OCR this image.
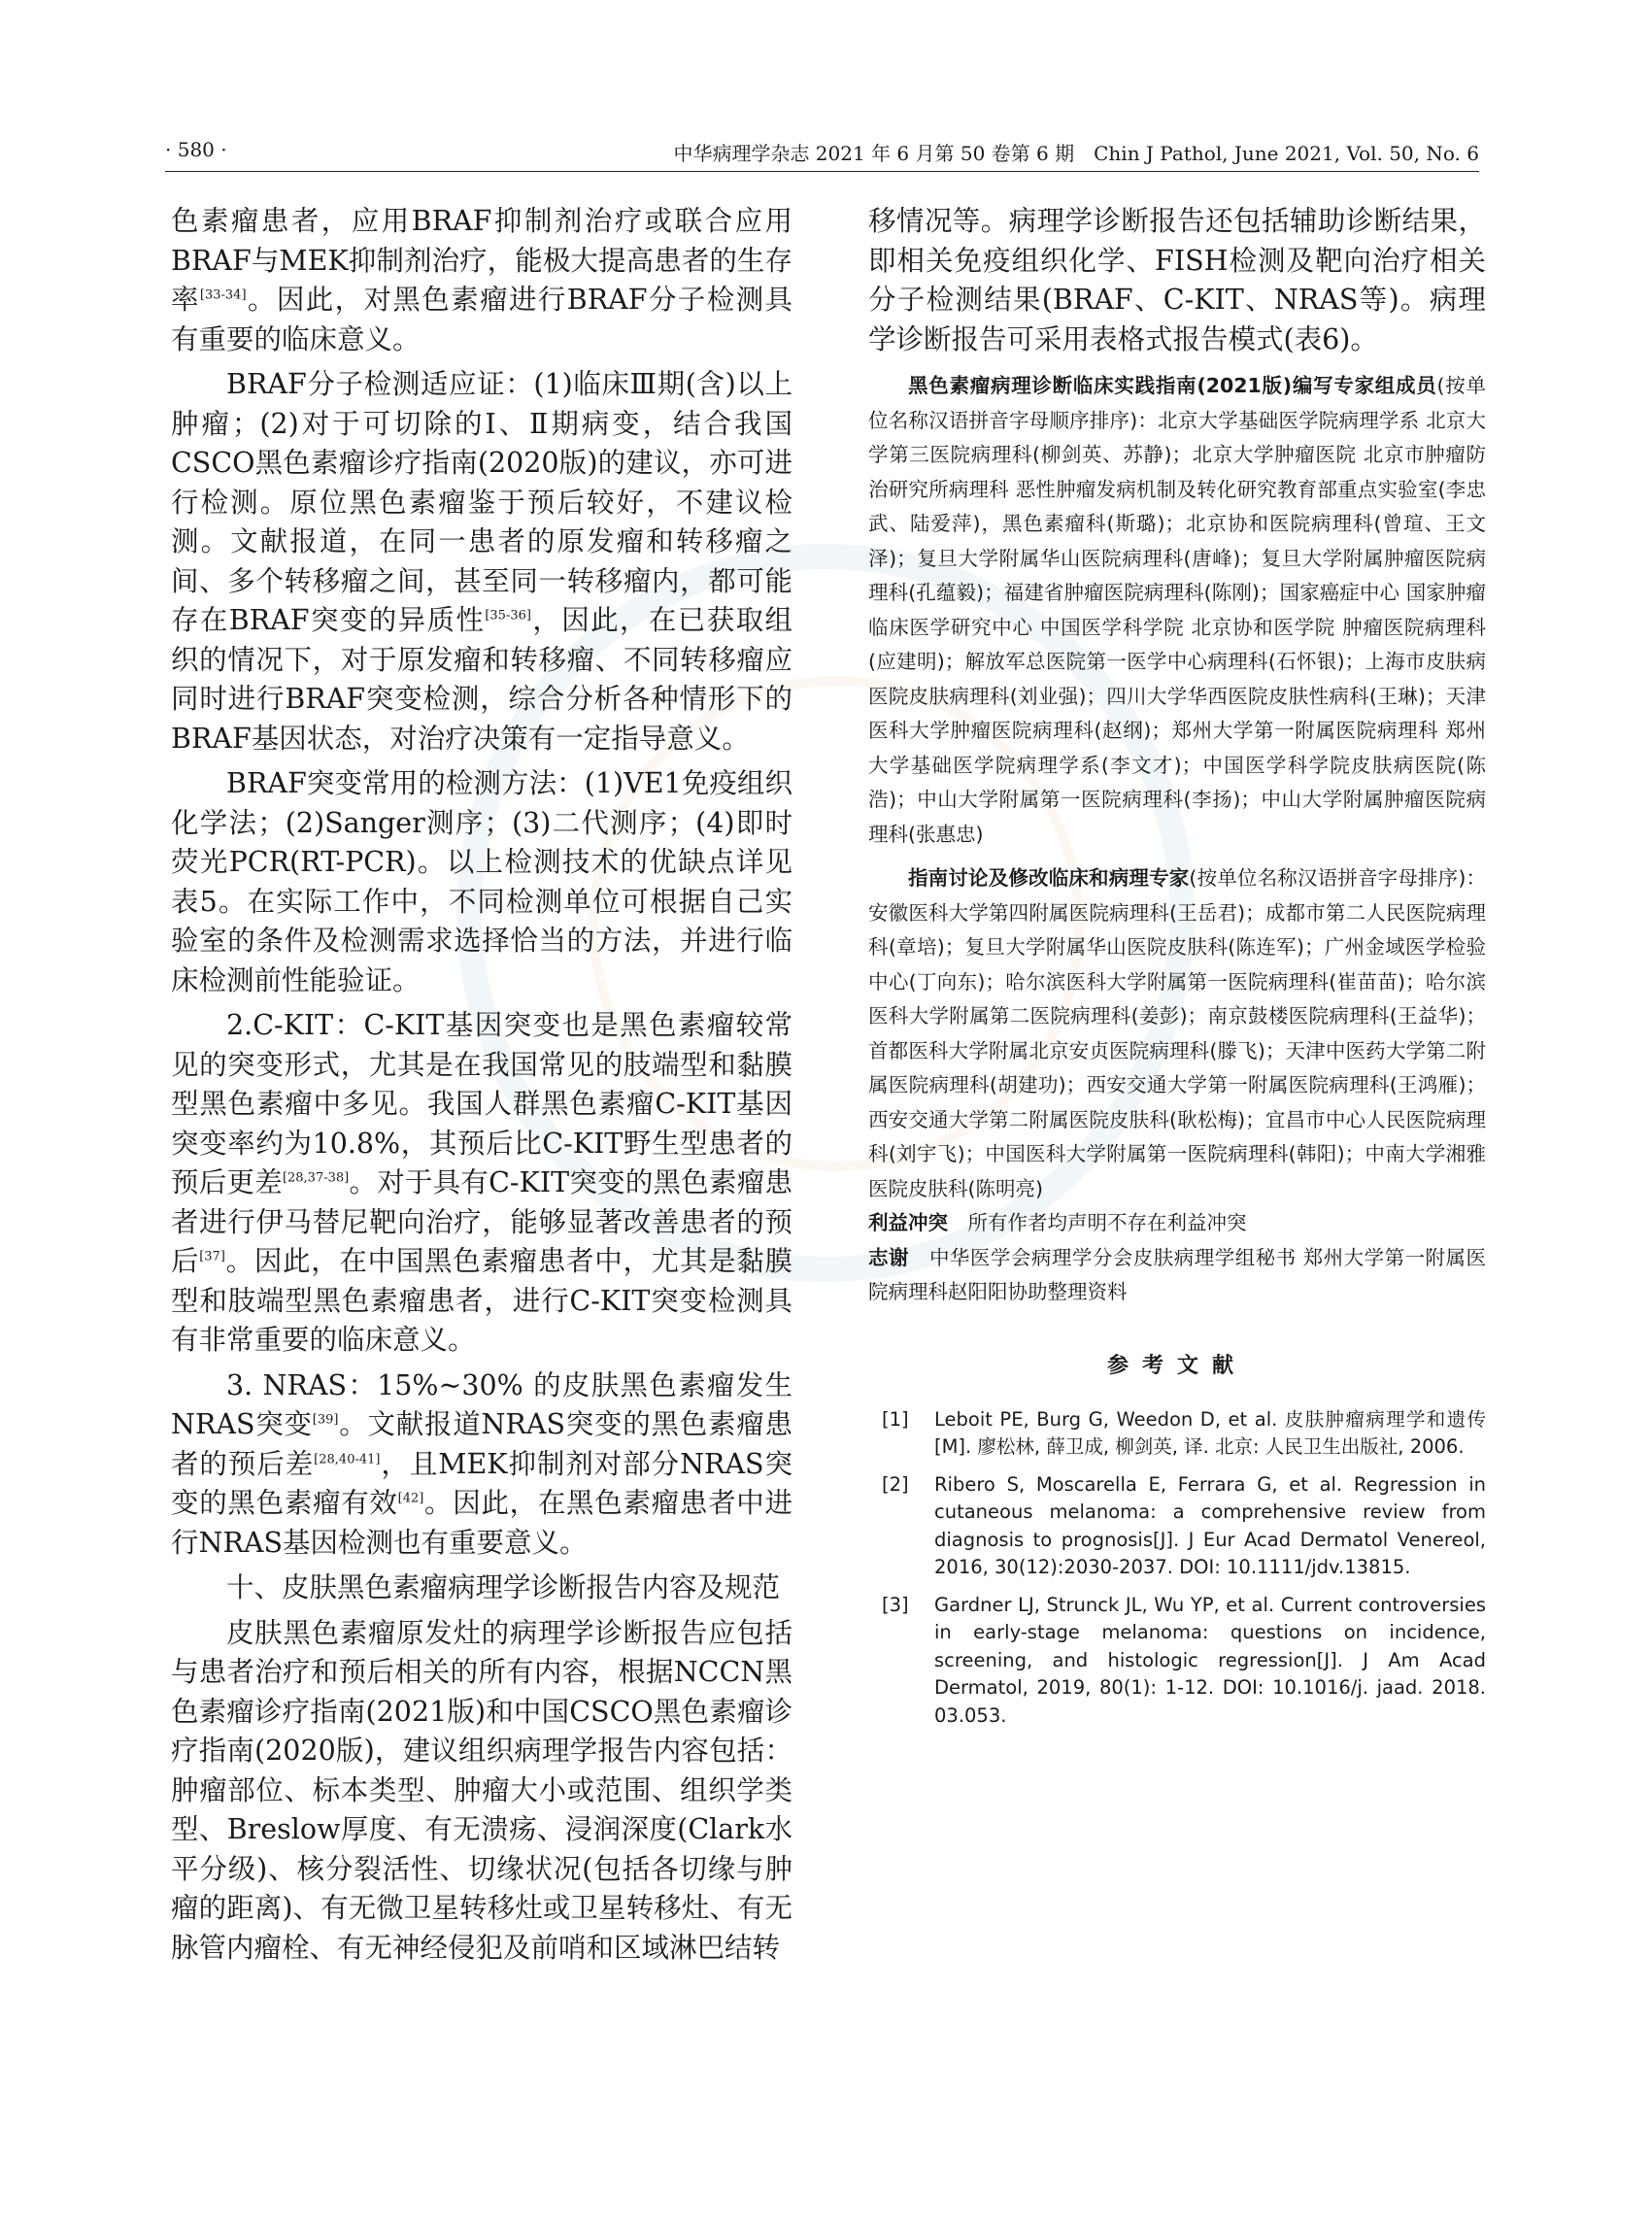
· 580 ·	中华病理学杂志 2021 年 6 月第 50 卷第 6 期　Chin J Pathol, June 2021, Vol. 50, No. 6

色素瘤患者，应用BRAF抑制剂治疗或联合应用BRAF与MEK抑制剂治疗，能极大提高患者的生存率[33-34]。因此，对黑色素瘤进行BRAF分子检测具有重要的临床意义。

BRAF分子检测适应证：(1)临床Ⅲ期(含)以上肿瘤；(2)对于可切除的Ⅰ、Ⅱ期病变，结合我国CSCO黑色素瘤诊疗指南(2020版)的建议，亦可进行检测。原位黑色素瘤鉴于预后较好，不建议检测。文献报道，在同一患者的原发瘤和转移瘤之间、多个转移瘤之间，甚至同一转移瘤内，都可能存在BRAF突变的异质性[35-36]，因此，在已获取组织的情况下，对于原发瘤和转移瘤、不同转移瘤应同时进行BRAF突变检测，综合分析各种情形下的BRAF基因状态，对治疗决策有一定指导意义。

BRAF突变常用的检测方法：(1)VE1免疫组织化学法；(2)Sanger测序；(3)二代测序；(4)即时荧光PCR(RT-PCR)。以上检测技术的优缺点详见表5。在实际工作中，不同检测单位可根据自己实验室的条件及检测需求选择恰当的方法，并进行临床检测前性能验证。

2.C-KIT：C-KIT基因突变也是黑色素瘤较常见的突变形式，尤其是在我国常见的肢端型和黏膜型黑色素瘤中多见。我国人群黑色素瘤C-KIT基因突变率约为10.8%，其预后比C-KIT野生型患者的预后更差[28,37-38]。对于具有C-KIT突变的黑色素瘤患者进行伊马替尼靶向治疗，能够显著改善患者的预后[37]。因此，在中国黑色素瘤患者中，尤其是黏膜型和肢端型黑色素瘤患者，进行C-KIT突变检测具有非常重要的临床意义。

3. NRAS：15%~30% 的皮肤黑色素瘤发生NRAS突变[39]。文献报道NRAS突变的黑色素瘤患者的预后差[28,40-41]，且MEK抑制剂对部分NRAS突变的黑色素瘤有效[42]。因此，在黑色素瘤患者中进行NRAS基因检测也有重要意义。

十、皮肤黑色素瘤病理学诊断报告内容及规范

皮肤黑色素瘤原发灶的病理学诊断报告应包括与患者治疗和预后相关的所有内容，根据NCCN黑色素瘤诊疗指南(2021版)和中国CSCO黑色素瘤诊疗指南(2020版)，建议组织病理学报告内容包括：肿瘤部位、标本类型、肿瘤大小或范围、组织学类型、Breslow厚度、有无溃疡、浸润深度(Clark水平分级)、核分裂活性、切缘状况(包括各切缘与肿瘤的距离)、有无微卫星转移灶或卫星转移灶、有无脉管内瘤栓、有无神经侵犯及前哨和区域淋巴结转

移情况等。病理学诊断报告还包括辅助诊断结果，即相关免疫组织化学、FISH检测及靶向治疗相关分子检测结果(BRAF、C-KIT、NRAS等)。病理学诊断报告可采用表格式报告模式(表6)。

黑色素瘤病理诊断临床实践指南(2021版)编写专家组成员(按单位名称汉语拼音字母顺序排序)：北京大学基础医学院病理学系 北京大学第三医院病理科(柳剑英、苏静)；北京大学肿瘤医院 北京市肿瘤防治研究所病理科 恶性肿瘤发病机制及转化研究教育部重点实验室(李忠武、陆爱萍)，黑色素瘤科(斯璐)；北京协和医院病理科(曾瑄、王文泽)；复旦大学附属华山医院病理科(唐峰)；复旦大学附属肿瘤医院病理科(孔蕴毅)；福建省肿瘤医院病理科(陈刚)；国家癌症中心 国家肿瘤临床医学研究中心 中国医学科学院 北京协和医学院 肿瘤医院病理科(应建明)；解放军总医院第一医学中心病理科(石怀银)；上海市皮肤病医院皮肤病理科(刘业强)；四川大学华西医院皮肤性病科(王琳)；天津医科大学肿瘤医院病理科(赵纲)；郑州大学第一附属医院病理科 郑州大学基础医学院病理学系(李文才)；中国医学科学院皮肤病医院(陈浩)；中山大学附属第一医院病理科(李扬)；中山大学附属肿瘤医院病理科(张惠忠)

指南讨论及修改临床和病理专家(按单位名称汉语拼音字母排序)：安徽医科大学第四附属医院病理科(王岳君)；成都市第二人民医院病理科(章培)；复旦大学附属华山医院皮肤科(陈连军)；广州金域医学检验中心(丁向东)；哈尔滨医科大学附属第一医院病理科(崔苗苗)；哈尔滨医科大学附属第二医院病理科(姜彭)；南京鼓楼医院病理科(王益华)；首都医科大学附属北京安贞医院病理科(滕飞)；天津中医药大学第二附属医院病理科(胡建功)；西安交通大学第一附属医院病理科(王鸿雁)；西安交通大学第二附属医院皮肤科(耿松梅)；宜昌市中心人民医院病理科(刘宇飞)；中国医科大学附属第一医院病理科(韩阳)；中南大学湘雅医院皮肤科(陈明亮)

利益冲突　 所有作者均声明不存在利益冲突

志谢　 中华医学会病理学分会皮肤病理学组秘书 郑州大学第一附属医院病理科赵阳阳协助整理资料

参考文献
[1]	Leboit PE, Burg G, Weedon D, et al. 皮肤肿瘤病理学和遗传[M]. 廖松林, 薛卫成, 柳剑英, 译. 北京: 人民卫生出版社, 2006.
[2]	Ribero S, Moscarella E, Ferrara G, et al. Regression in cutaneous melanoma: a comprehensive review from diagnosis to prognosis[J]. J Eur Acad Dermatol Venereol, 2016, 30(12):2030-2037. DOI: 10.1111/jdv.13815.
[3]	Gardner LJ, Strunck JL, Wu YP, et al. Current controversies in early-stage melanoma: questions on incidence, screening, and histologic regression[J]. J Am Acad Dermatol, 2019, 80(1): 1-12. DOI: 10.1016/j. jaad. 2018. 03.053.
